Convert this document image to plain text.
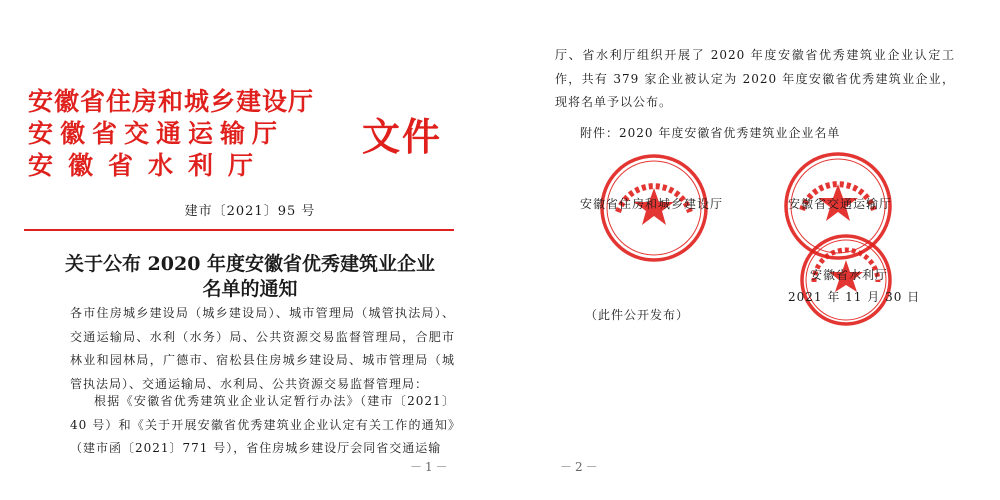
安徽省住房和城乡建设厅
安徽省交通运输厅
安徽省水利厅
文件
建市〔2021〕95 号
关于公布 2020 年度安徽省优秀建筑业企业
名单的通知
各市住房城乡建设局（城乡建设局）、城市管理局（城管执法局）、交通运输局、水利（水务）局、公共资源交易监督管理局，合肥市林业和园林局，广德市、宿松县住房城乡建设局、城市管理局（城管执法局）、交通运输局、水利局、公共资源交易监督管理局：
根据《安徽省优秀建筑业企业认定暂行办法》（建市〔2021〕40 号）和《关于开展安徽省优秀建筑业企业认定有关工作的通知》（建市函〔2021〕771 号），省住房城乡建设厅会同省交通运输
－1－
厅、省水利厅组织开展了 2020 年度安徽省优秀建筑业企业认定工作，共有 379 家企业被认定为 2020 年度安徽省优秀建筑业企业，现将名单予以公布。
附件：2020 年度安徽省优秀建筑业企业名单
安徽省住房和城乡建设厅	安徽省交通运输厅
安徽省水利厅
2021 年 11 月 30 日
（此件公开发布）
－2－
